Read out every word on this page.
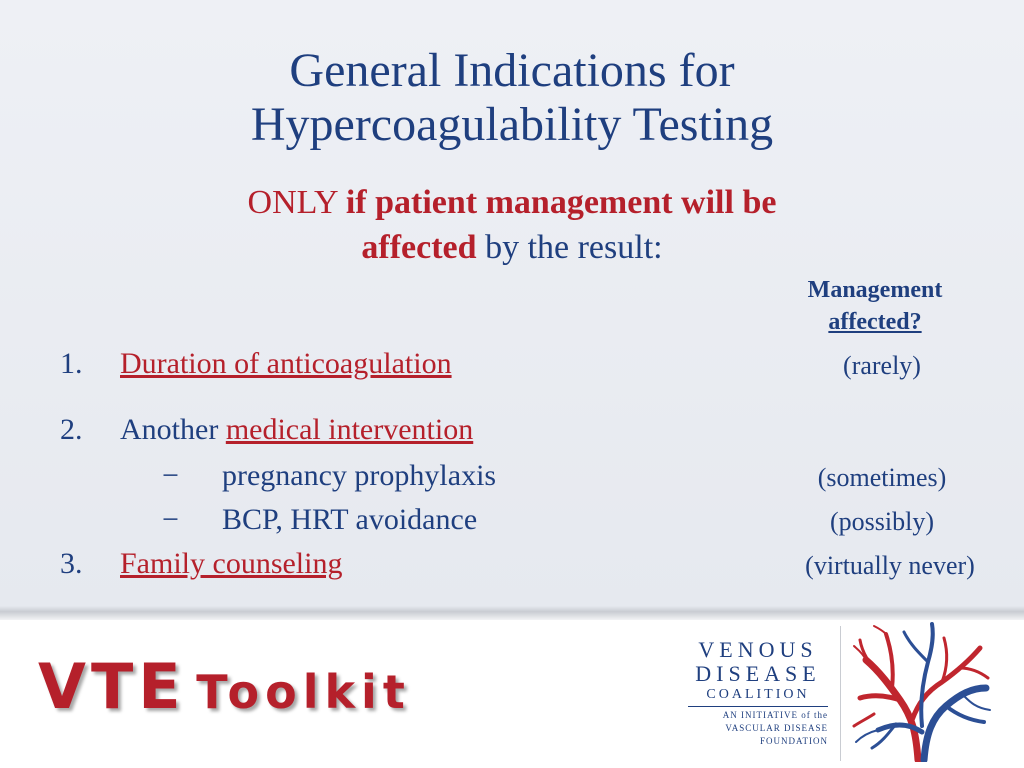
General Indications for
Hypercoagulability Testing
ONLY if patient management will be
affected by the result:
Management
affected?
1. Duration of anticoagulation	(rarely)
2. Another medical intervention
− pregnancy prophylaxis	(sometimes)
− BCP, HRT avoidance	(possibly)
3. Family counseling	(virtually never)
VTE Toolkit
VENOUS
DISEASE
COALITION
AN INITIATIVE of the
VASCULAR DISEASE
FOUNDATION
